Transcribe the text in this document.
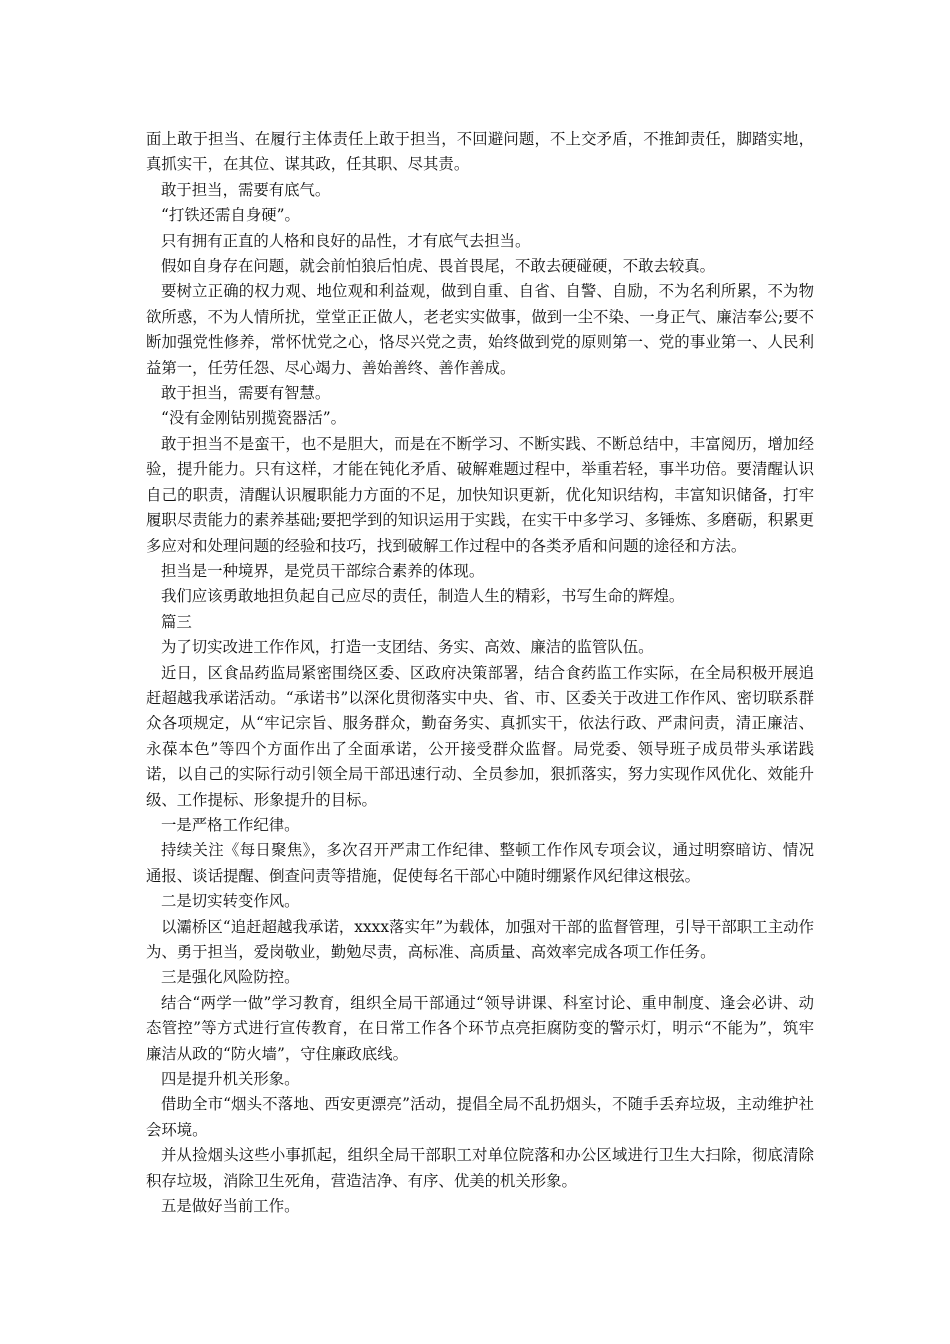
面上敢于担当、在履行主体责任上敢于担当，不回避问题，不上交矛盾，不推卸责任，脚踏实地，真抓实干，在其位、谋其政，任其职、尽其责。

敢于担当，需要有底气。

“打铁还需自身硬”。

只有拥有正直的人格和良好的品性，才有底气去担当。

假如自身存在问题，就会前怕狼后怕虎、畏首畏尾，不敢去硬碰硬，不敢去较真。

要树立正确的权力观、地位观和利益观，做到自重、自省、自警、自励，不为名利所累，不为物欲所惑，不为人情所扰，堂堂正正做人，老老实实做事，做到一尘不染、一身正气、廉洁奉公;要不断加强党性修养，常怀忧党之心，恪尽兴党之责，始终做到党的原则第一、党的事业第一、人民利益第一，任劳任怨、尽心竭力、善始善终、善作善成。

敢于担当，需要有智慧。

“没有金刚钻别揽瓷器活”。

敢于担当不是蛮干，也不是胆大，而是在不断学习、不断实践、不断总结中，丰富阅历，增加经验，提升能力。只有这样，才能在钝化矛盾、破解难题过程中，举重若轻，事半功倍。要清醒认识自己的职责，清醒认识履职能力方面的不足，加快知识更新，优化知识结构，丰富知识储备，打牢履职尽责能力的素养基础;要把学到的知识运用于实践，在实干中多学习、多锤炼、多磨砺，积累更多应对和处理问题的经验和技巧，找到破解工作过程中的各类矛盾和问题的途径和方法。

担当是一种境界，是党员干部综合素养的体现。

我们应该勇敢地担负起自己应尽的责任，制造人生的精彩，书写生命的辉煌。

篇三

为了切实改进工作作风，打造一支团结、务实、高效、廉洁的监管队伍。

近日，区食品药监局紧密围绕区委、区政府决策部署，结合食药监工作实际，在全局积极开展追赶超越我承诺活动。“承诺书”以深化贯彻落实中央、省、市、区委关于改进工作作风、密切联系群众各项规定，从“牢记宗旨、服务群众，勤奋务实、真抓实干，依法行政、严肃问责，清正廉洁、永葆本色”等四个方面作出了全面承诺，公开接受群众监督。局党委、领导班子成员带头承诺践诺，以自己的实际行动引领全局干部迅速行动、全员参加，狠抓落实，努力实现作风优化、效能升级、工作提标、形象提升的目标。

一是严格工作纪律。

持续关注《每日聚焦》，多次召开严肃工作纪律、整顿工作作风专项会议，通过明察暗访、情况通报、谈话提醒、倒查问责等措施，促使每名干部心中随时绷紧作风纪律这根弦。

二是切实转变作风。

以灞桥区“追赶超越我承诺，xxxx落实年”为载体，加强对干部的监督管理，引导干部职工主动作为、勇于担当，爱岗敬业，勤勉尽责，高标准、高质量、高效率完成各项工作任务。

三是强化风险防控。

结合“两学一做”学习教育，组织全局干部通过“领导讲课、科室讨论、重申制度、逢会必讲、动态管控”等方式进行宣传教育，在日常工作各个环节点亮拒腐防变的警示灯，明示“不能为”，筑牢廉洁从政的“防火墙”，守住廉政底线。

四是提升机关形象。

借助全市“烟头不落地、西安更漂亮”活动，提倡全局不乱扔烟头，不随手丢弃垃圾，主动维护社会环境。

并从捡烟头这些小事抓起，组织全局干部职工对单位院落和办公区域进行卫生大扫除，彻底清除积存垃圾，消除卫生死角，营造洁净、有序、优美的机关形象。

五是做好当前工作。
